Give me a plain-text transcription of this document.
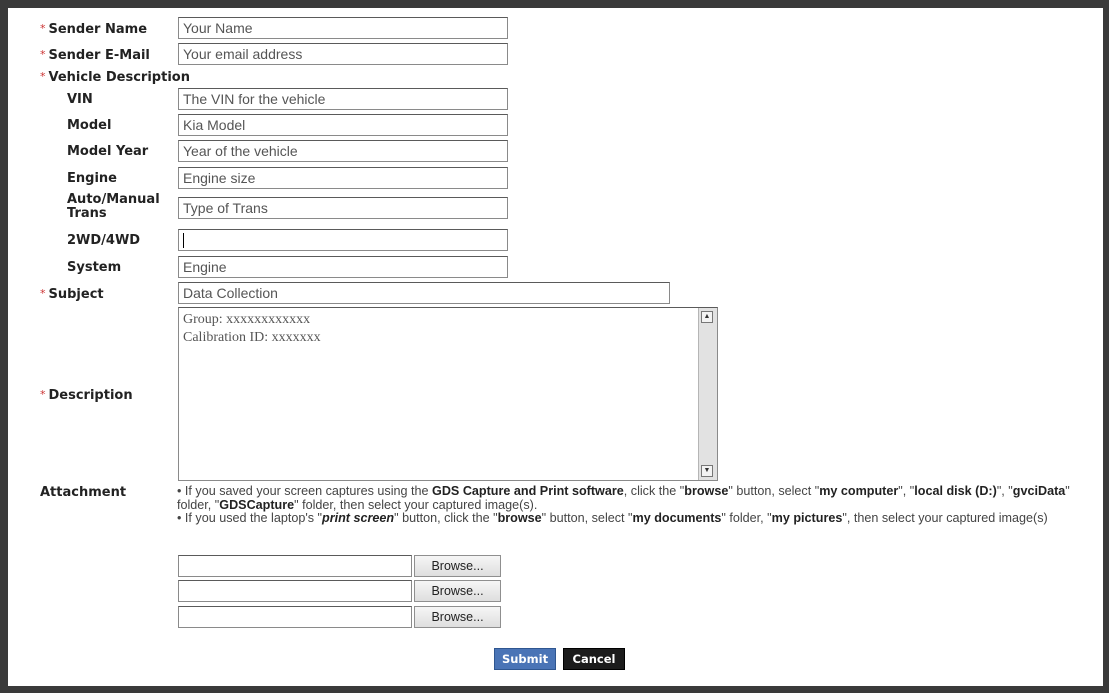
* Sender Name	Your Name
* Sender E-Mail	Your email address
* Vehicle Description
VIN	The VIN for the vehicle
Model	Kia Model
Model Year	Year of the vehicle
Engine	Engine size
Auto/Manual
Trans	Type of Trans
2WD/4WD
System	Engine
* Subject	Data Collection
* Description
Group: xxxxxxxxxxxx
Calibration ID: xxxxxxx
▲
▼
Attachment	• If you saved your screen captures using the GDS Capture and Print software, click the "browse" button, select "my computer", "local disk (D:)", "gvciData" folder, "GDSCapture" folder, then select your captured image(s).
• If you used the laptop's "print screen" button, click the "browse" button, select "my documents" folder, "my pictures", then select your captured image(s)
Browse...
Browse...
Browse...
Submit	Cancel
